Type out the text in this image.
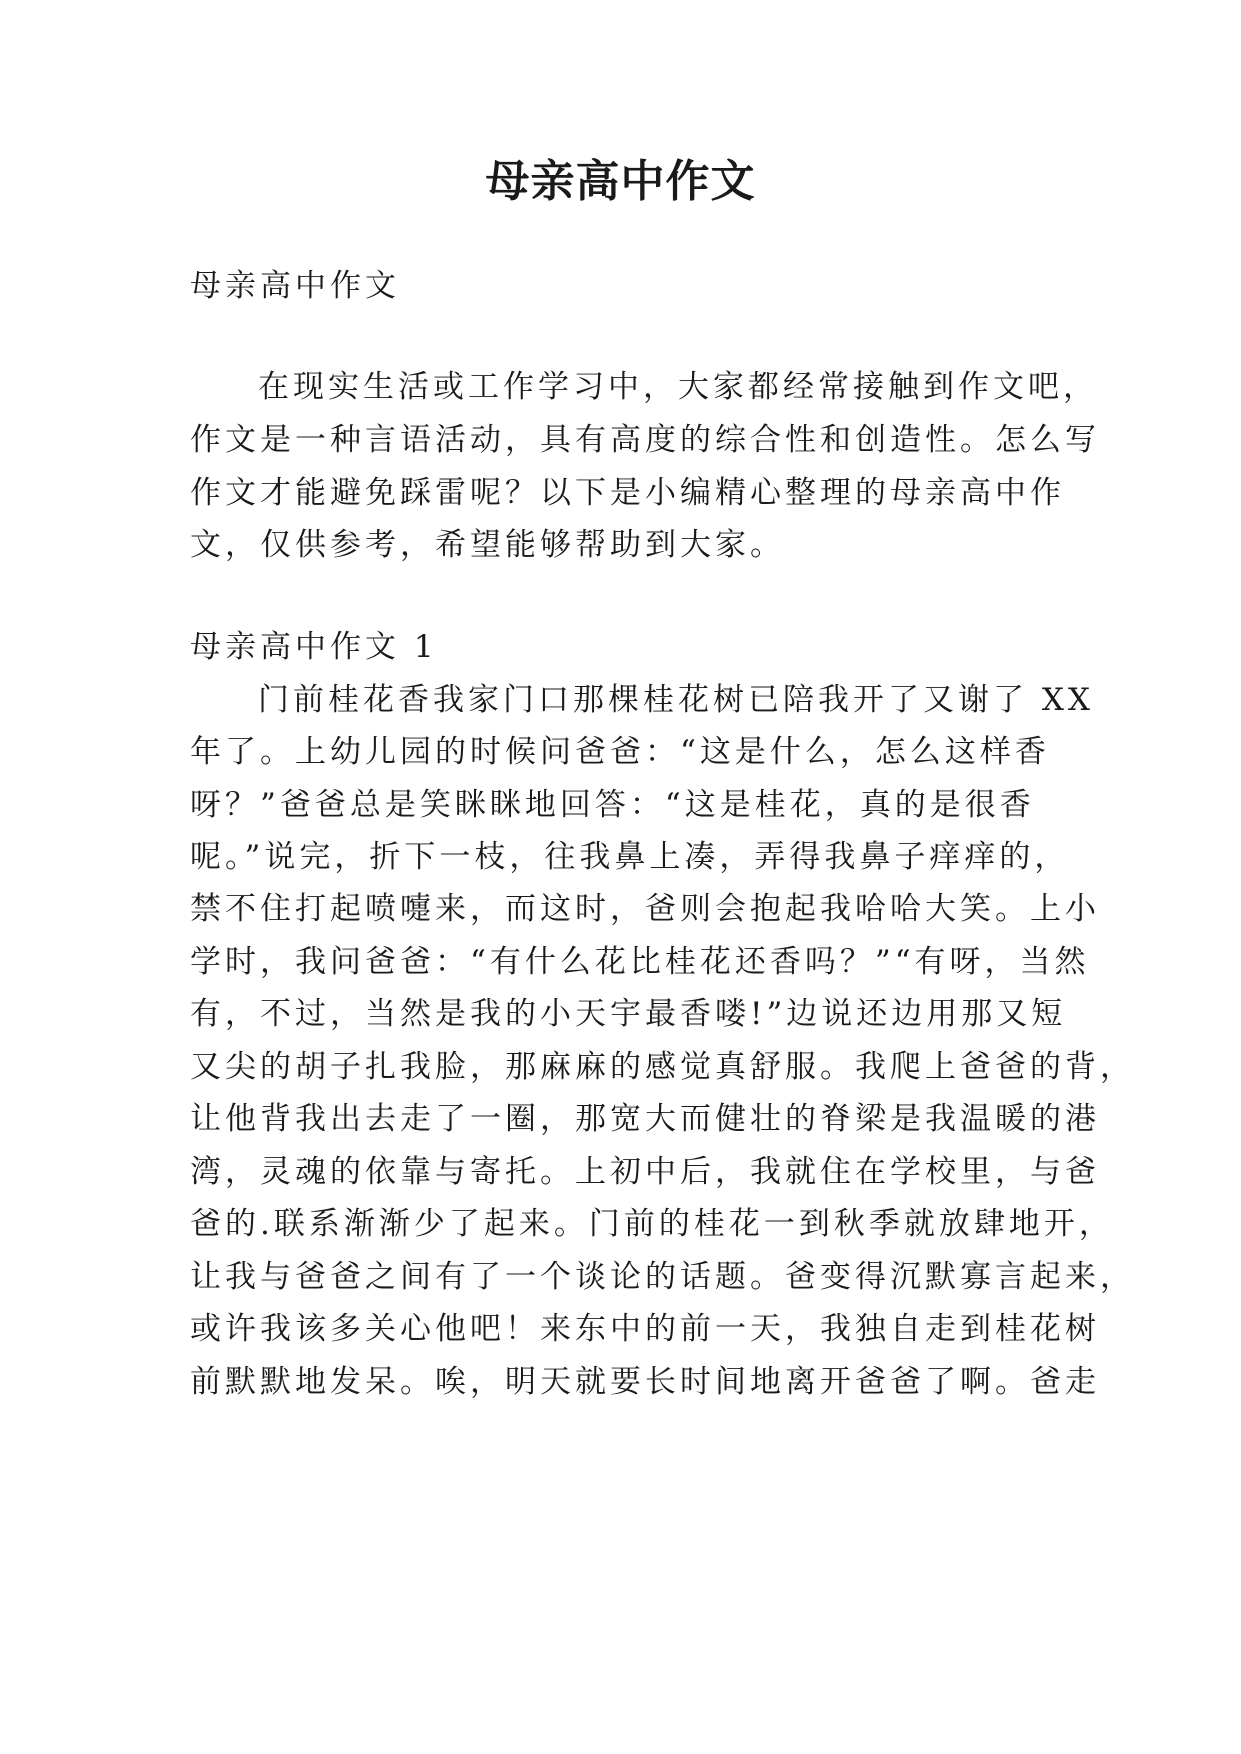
母亲高中作文

母亲高中作文

在现实生活或工作学习中，大家都经常接触到作文吧，

作文是一种言语活动，具有高度的综合性和创造性。怎么写

作文才能避免踩雷呢？以下是小编精心整理的母亲高中作

文，仅供参考，希望能够帮助到大家。

母亲高中作文 1

门前桂花香我家门口那棵桂花树已陪我开了又谢了 XX

年了。上幼儿园的时候问爸爸：“这是什么，怎么这样香

呀？”爸爸总是笑眯眯地回答：“这是桂花，真的是很香

呢。”说完，折下一枝，往我鼻上凑，弄得我鼻子痒痒的，

禁不住打起喷嚏来，而这时，爸则会抱起我哈哈大笑。上小

学时，我问爸爸：“有什么花比桂花还香吗？”“有呀，当然

有，不过，当然是我的小天宇最香喽!”边说还边用那又短

又尖的胡子扎我脸，那麻麻的感觉真舒服。我爬上爸爸的背，

让他背我出去走了一圈，那宽大而健壮的脊梁是我温暖的港

湾，灵魂的依靠与寄托。上初中后，我就住在学校里，与爸

爸的.联系渐渐少了起来。门前的桂花一到秋季就放肆地开，

让我与爸爸之间有了一个谈论的话题。爸变得沉默寡言起来，

或许我该多关心他吧！来东中的前一天，我独自走到桂花树

前默默地发呆。唉，明天就要长时间地离开爸爸了啊。爸走
